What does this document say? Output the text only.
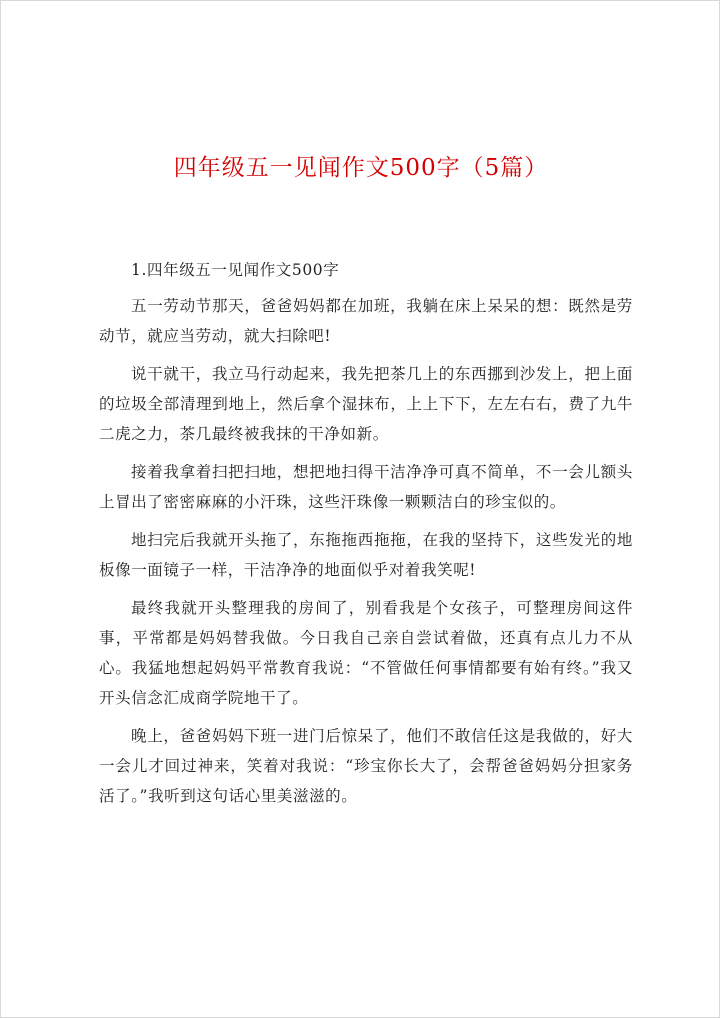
四年级五一见闻作文500字（5篇）

1.四年级五一见闻作文500字

五一劳动节那天，爸爸妈妈都在加班，我躺在床上呆呆的想：既然是劳动节，就应当劳动，就大扫除吧!

说干就干，我立马行动起来，我先把茶几上的东西挪到沙发上，把上面的垃圾全部清理到地上，然后拿个湿抹布，上上下下，左左右右，费了九牛二虎之力，茶几最终被我抹的干净如新。

接着我拿着扫把扫地，想把地扫得干洁净净可真不简单，不一会儿额头上冒出了密密麻麻的小汗珠，这些汗珠像一颗颗洁白的珍宝似的。

地扫完后我就开头拖了，东拖拖西拖拖，在我的坚持下，这些发光的地板像一面镜子一样，干洁净净的地面似乎对着我笑呢!

最终我就开头整理我的房间了，别看我是个女孩子，可整理房间这件事，平常都是妈妈替我做。今日我自己亲自尝试着做，还真有点儿力不从心。我猛地想起妈妈平常教育我说：“不管做任何事情都要有始有终。”我又开头信念汇成商学院地干了。

晚上，爸爸妈妈下班一进门后惊呆了，他们不敢信任这是我做的，好大一会儿才回过神来，笑着对我说：“珍宝你长大了，会帮爸爸妈妈分担家务活了。”我听到这句话心里美滋滋的。
